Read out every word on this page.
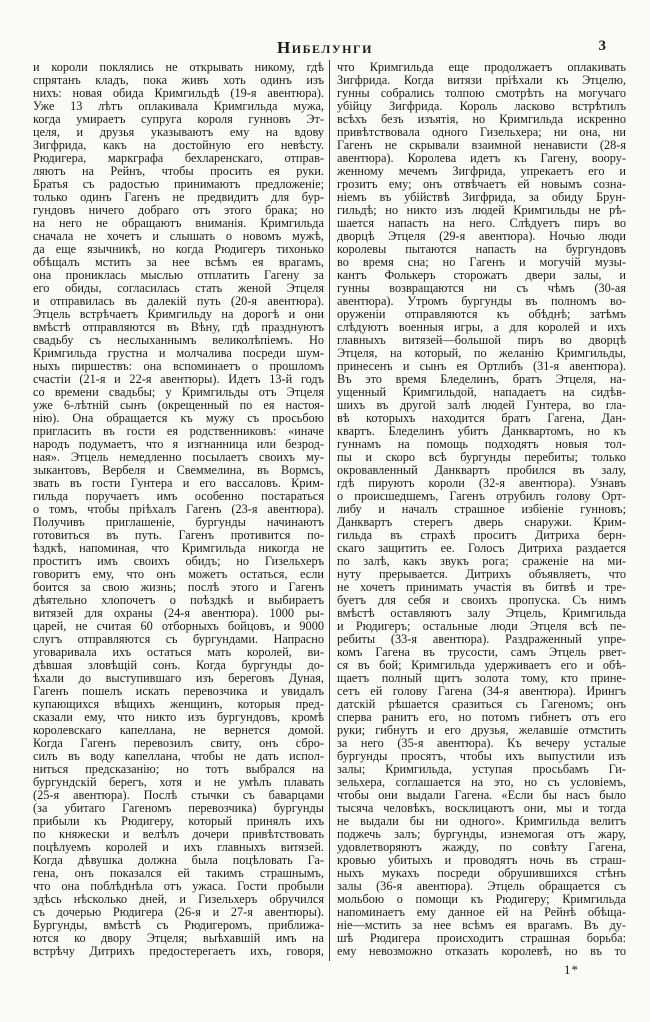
Нибелунги	3
и короли поклялись не открывать никому, гдѣ
спрятанъ кладъ, пока живъ хоть одинъ изъ
нихъ: новая обида Кримгильдѣ (19-я авентюра).
Уже 13 лѣтъ оплакивала Кримгильда мужа,
когда умираетъ супруга короля гунновъ Эт-
целя, и друзья указываютъ ему на вдову
Зигфрида, какъ на достойную его невѣсту.
Рюдигера, маркграфа бехларенскаго, отправ-
ляютъ на Рейнъ, чтобы просить ея руки.
Братья съ радостью принимаютъ предложеніе;
только одинъ Гагенъ не предвидитъ для бур-
гундовъ ничего добраго отъ этого брака; но
на него не обращаютъ вниманія. Кримгильда
сначала не хочетъ и слышать о новомъ мужѣ,
да еще язычникѣ, но когда Рюдигеръ тихонько
обѣщалъ мстить за нее всѣмъ ея врагамъ,
она прониклась мыслью отплатить Гагену за
его обиды, согласилась стать женой Этцеля
и отправилась въ далекій путь (20-я авентюра).
Этцель встрѣчаетъ Кримгильду на дорогѣ и они
вмѣстѣ отправляются въ Вѣну, гдѣ празднуютъ
свадьбу съ неслыханнымъ великолѣпіемъ. Но
Кримгильда грустна и молчалива посреди шум-
ныхъ пиршествъ: она вспоминаетъ о прошломъ
счастіи (21-я и 22-я авентюры). Идетъ 13-й годъ
со времени свадьбы; у Кримгильды отъ Этцеля
уже 6-лѣтній сынъ (окрещенный по ея настоя-
нію). Она обращается къ мужу съ просьбою
пригласить въ гости ея родственниковъ: «иначе
народъ подумаетъ, что я изгнанница или безрод-
ная». Этцель немедленно посылаетъ своихъ му-
зыкантовъ, Вербеля и Свеммелина, въ Вормсъ,
звать въ гости Гунтера и его вассаловъ. Крим-
гильда поручаетъ имъ особенно постараться
о томъ, чтобы пріѣхалъ Гагенъ (23-я авентюра).
Получивъ приглашеніе, бургунды начинаютъ
готовиться въ путь. Гагенъ противится по-
ѣздкѣ, напоминая, что Кримгильда никогда не
проститъ имъ своихъ обидъ; но Гизельхеръ
говоритъ ему, что онъ можетъ остаться, если
боится за свою жизнь; послѣ этого и Гагенъ
дѣятельно хлопочетъ о поѣздкѣ и выбираетъ
витязей для охраны (24-я авентюра). 1000 ры-
царей, не считая 60 отборныхъ бойцовъ, и 9000
слугъ отправляются съ бургундами. Напрасно
уговаривала ихъ остаться мать королей, ви-
дѣвшая зловѣщій сонъ. Когда бургунды до-
ѣхали до выступившаго изъ береговъ Дуная,
Гагенъ пошелъ искать перевозчика и увидалъ
купающихся вѣщихъ женщинъ, которыя пред-
сказали ему, что никто изъ бургундовъ, кромѣ
королевскаго капеллана, не вернется домой.
Когда Гагенъ перевозилъ свиту, онъ сбро-
силъ въ воду капеллана, чтобы не дать испол-
ниться предсказанію; но тотъ выбрался на
бургундскій берегъ, хотя и не умѣлъ плавать
(25-я авентюра). Послѣ стычки съ баварцами
(за убитаго Гагеномъ перевозчика) бургунды
прибыли къ Рюдигеру, который принялъ ихъ
по княжески и велѣлъ дочери привѣтствовать
поцѣлуемъ королей и ихъ главныхъ витязей.
Когда дѣвушка должна была поцѣловать Га-
гена, онъ показался ей такимъ страшнымъ,
что она поблѣднѣла отъ ужаса. Гости пробыли
здѣсь нѣсколько дней, и Гизельхеръ обручился
съ дочерью Рюдигера (26-я и 27-я авентюры).
Бургунды, вмѣстѣ съ Рюдигеромъ, приближа-
ются ко двору Этцеля; выѣхавшій имъ на
встрѣчу Дитрихъ предостерегаетъ ихъ, говоря,
что Кримгильда еще продолжаетъ оплакивать
Зигфрида. Когда витязи пріѣхали къ Этцелю,
гунны собрались толпою смотрѣть на могучаго
убійцу Зигфрида. Король ласково встрѣтилъ
всѣхъ безъ изъятія, но Кримгильда искренно
привѣтствовала одного Гизельхера; ни она, ни
Гагенъ не скрывали взаимной ненависти (28-я
авентюра). Королева идетъ къ Гагену, воору-
женному мечемъ Зигфрида, упрекаетъ его и
грозитъ ему; онъ отвѣчаетъ ей новымъ созна-
ніемъ въ убійствѣ Зигфрида, за обиду Брун-
гильдѣ; но никто изъ людей Кримгильды не рѣ-
шается напасть на него. Слѣдуетъ пиръ во
дворцѣ Этцеля (29-я авентюра). Ночью люди
королевы пытаются напасть на бургундовъ
во время сна; но Гагенъ и могучій музы-
кантъ Фолькеръ сторожатъ двери залы, и
гунны возвращаются ни съ чѣмъ (30-ая
авентюра). Утромъ бургунды въ полномъ во-
оруженіи отправляются къ обѣднѣ; затѣмъ
слѣдуютъ военныя игры, а для королей и ихъ
главныхъ витязей—большой пиръ во дворцѣ
Этцеля, на который, по желанію Кримгильды,
принесенъ и сынъ ея Ортлибъ (31-я авентюра).
Въ это время Бледелинъ, братъ Этцеля, на-
ущенный Кримгильдой, нападаетъ на сидѣв-
шихъ въ другой залѣ людей Гунтера, во гла-
вѣ которыхъ находится братъ Гагена, Дан-
квартъ. Бледелинъ убитъ Данквартомъ, но къ
гуннамъ на помощь подходятъ новыя тол-
пы и скоро всѣ бургунды перебиты; только
окровавленный Данквартъ пробился въ залу,
гдѣ пируютъ короли (32-я авентюра). Узнавъ
о происшедшемъ, Гагенъ отрубилъ голову Орт-
либу и началъ страшное избіеніе гунновъ;
Данквартъ стерегъ дверь снаружи. Крим-
гильда въ страхѣ проситъ Дитриха берн-
скаго защитить ее. Голосъ Дитриха раздается
по залѣ, какъ звукъ рога; сраженіе на ми-
нуту прерывается. Дитрихъ объявляетъ, что
не хочетъ принимать участія въ битвѣ и тре-
буетъ для себя и своихъ пропуска. Съ нимъ
вмѣстѣ оставляютъ залу Этцель, Кримгильда
и Рюдигеръ; остальные люди Этцеля всѣ пе-
ребиты (33-я авентюра). Раздраженный упре-
комъ Гагена въ трусости, самъ Этцель рвет-
ся въ бой; Кримгильда удерживаетъ его и обѣ-
щаетъ полный щитъ золота тому, кто прине-
сетъ ей голову Гагена (34-я авентюра). Ирингъ
датскій рѣшается сразиться съ Гагеномъ; онъ
сперва ранитъ его, но потомъ гибнетъ отъ его
руки; гибнутъ и его друзья, желавшіе отмстить
за него (35-я авентюра). Къ вечеру усталые
бургунды просятъ, чтобы ихъ выпустили изъ
залы; Кримгильда, уступая просьбамъ Ги-
зельхера, соглашается на это, но съ условіемъ,
чтобы они выдали Гагена. «Если бы насъ было
тысяча человѣкъ, восклицаютъ они, мы и тогда
не выдали бы ни одного». Кримгильда велитъ
поджечь залъ; бургунды, изнемогая отъ жару,
удовлетворяютъ жажду, по совѣту Гагена,
кровью убитыхъ и проводятъ ночь въ страш-
ныхъ мукахъ посреди обрушившихся стѣнъ
залы (36-я авентюра). Этцель обращается съ
мольбою о помощи къ Рюдигеру; Кримгильда
напоминаетъ ему данное ей на Рейнѣ обѣща-
ніе—мстить за нее всѣмъ ея врагамъ. Въ ду-
шѣ Рюдигера происходитъ страшная борьба:
ему невозможно отказать королевѣ, но въ то
1*
